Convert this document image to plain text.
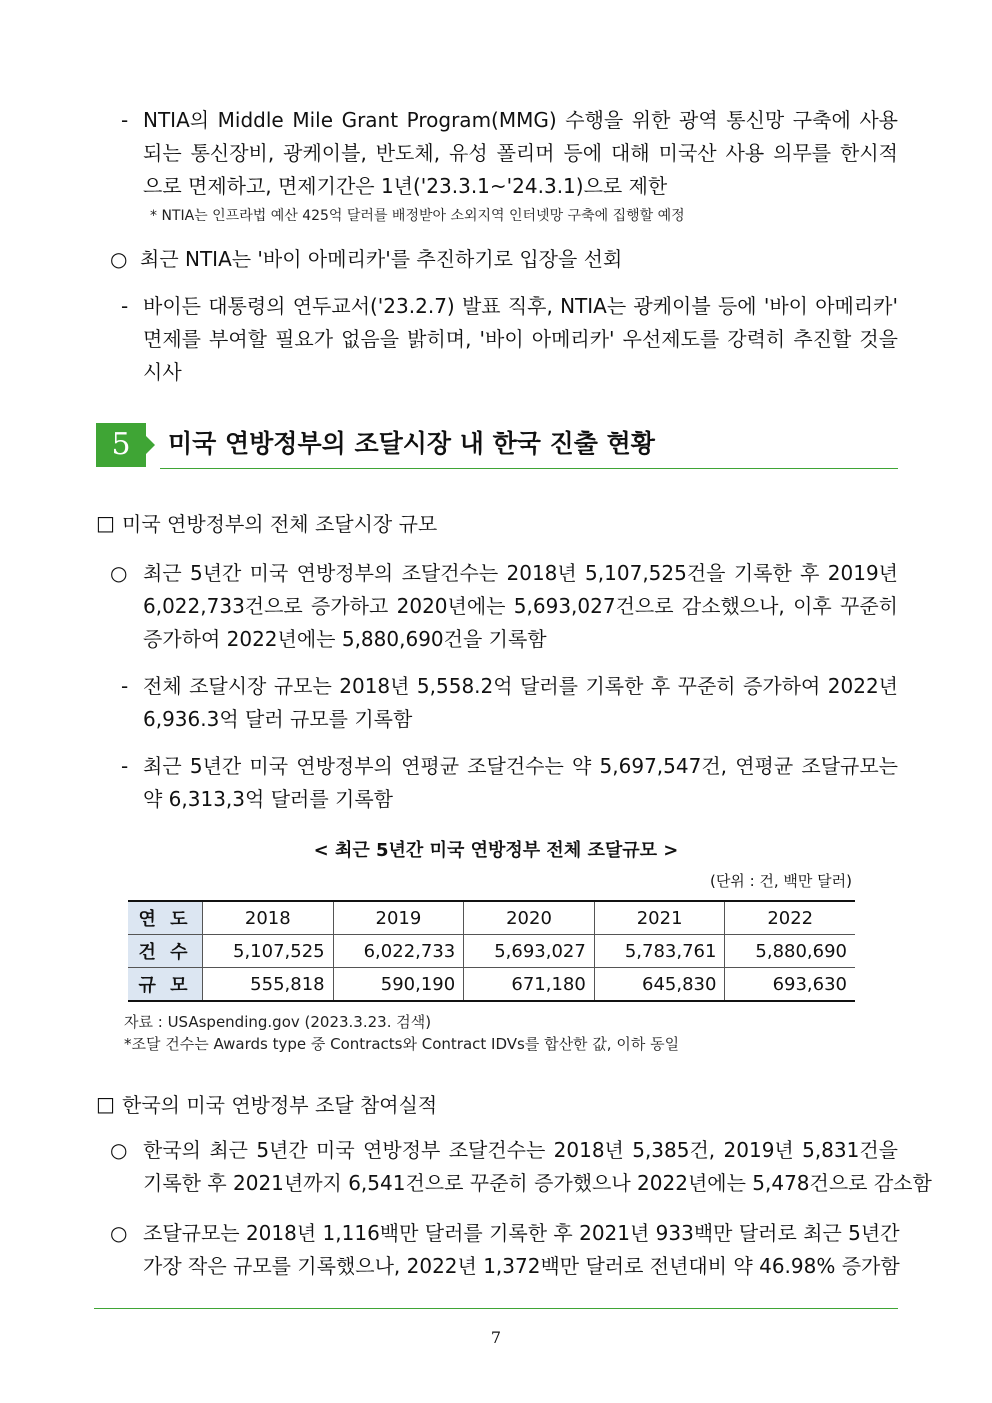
- NTIA의 Middle Mile Grant Program(MMG) 수행을 위한 광역 통신망 구축에 사용
되는 통신장비, 광케이블, 반도체, 유성 폴리머 등에 대해 미국산 사용 의무를 한시적
으로 면제하고, 면제기간은 1년('23.3.1~'24.3.1)으로 제한
* NTIA는 인프라법 예산 425억 달러를 배정받아 소외지역 인터넷망 구축에 집행할 예정
○ 최근 NTIA는 '바이 아메리카'를 추진하기로 입장을 선회
- 바이든 대통령의 연두교서('23.2.7) 발표 직후, NTIA는 광케이블 등에 '바이 아메리카'
면제를 부여할 필요가 없음을 밝히며, '바이 아메리카' 우선제도를 강력히 추진할 것을
시사
5	미국 연방정부의 조달시장 내 한국 진출 현황
□ 미국 연방정부의 전체 조달시장 규모
○ 최근 5년간 미국 연방정부의 조달건수는 2018년 5,107,525건을 기록한 후 2019년
6,022,733건으로 증가하고 2020년에는 5,693,027건으로 감소했으나, 이후 꾸준히
증가하여 2022년에는 5,880,690건을 기록함
- 전체 조달시장 규모는 2018년 5,558.2억 달러를 기록한 후 꾸준히 증가하여 2022년
6,936.3억 달러 규모를 기록함
- 최근 5년간 미국 연방정부의 연평균 조달건수는 약 5,697,547건, 연평균 조달규모는
약 6,313,3억 달러를 기록함
< 최근 5년간 미국 연방정부 전체 조달규모 >
(단위 : 건, 백만 달러)
연 도	2018	2019	2020	2021	2022
건 수	5,107,525	6,022,733	5,693,027	5,783,761	5,880,690
규 모	555,818	590,190	671,180	645,830	693,630
자료 : USAspending.gov (2023.3.23. 검색)
*조달 건수는 Awards type 중 Contracts와 Contract IDVs를 합산한 값, 이하 동일
□ 한국의 미국 연방정부 조달 참여실적
○ 한국의 최근 5년간 미국 연방정부 조달건수는 2018년 5,385건, 2019년 5,831건을
기록한 후 2021년까지 6,541건으로 꾸준히 증가했으나 2022년에는 5,478건으로 감소함
○ 조달규모는 2018년 1,116백만 달러를 기록한 후 2021년 933백만 달러로 최근 5년간
가장 작은 규모를 기록했으나, 2022년 1,372백만 달러로 전년대비 약 46.98% 증가함
7
